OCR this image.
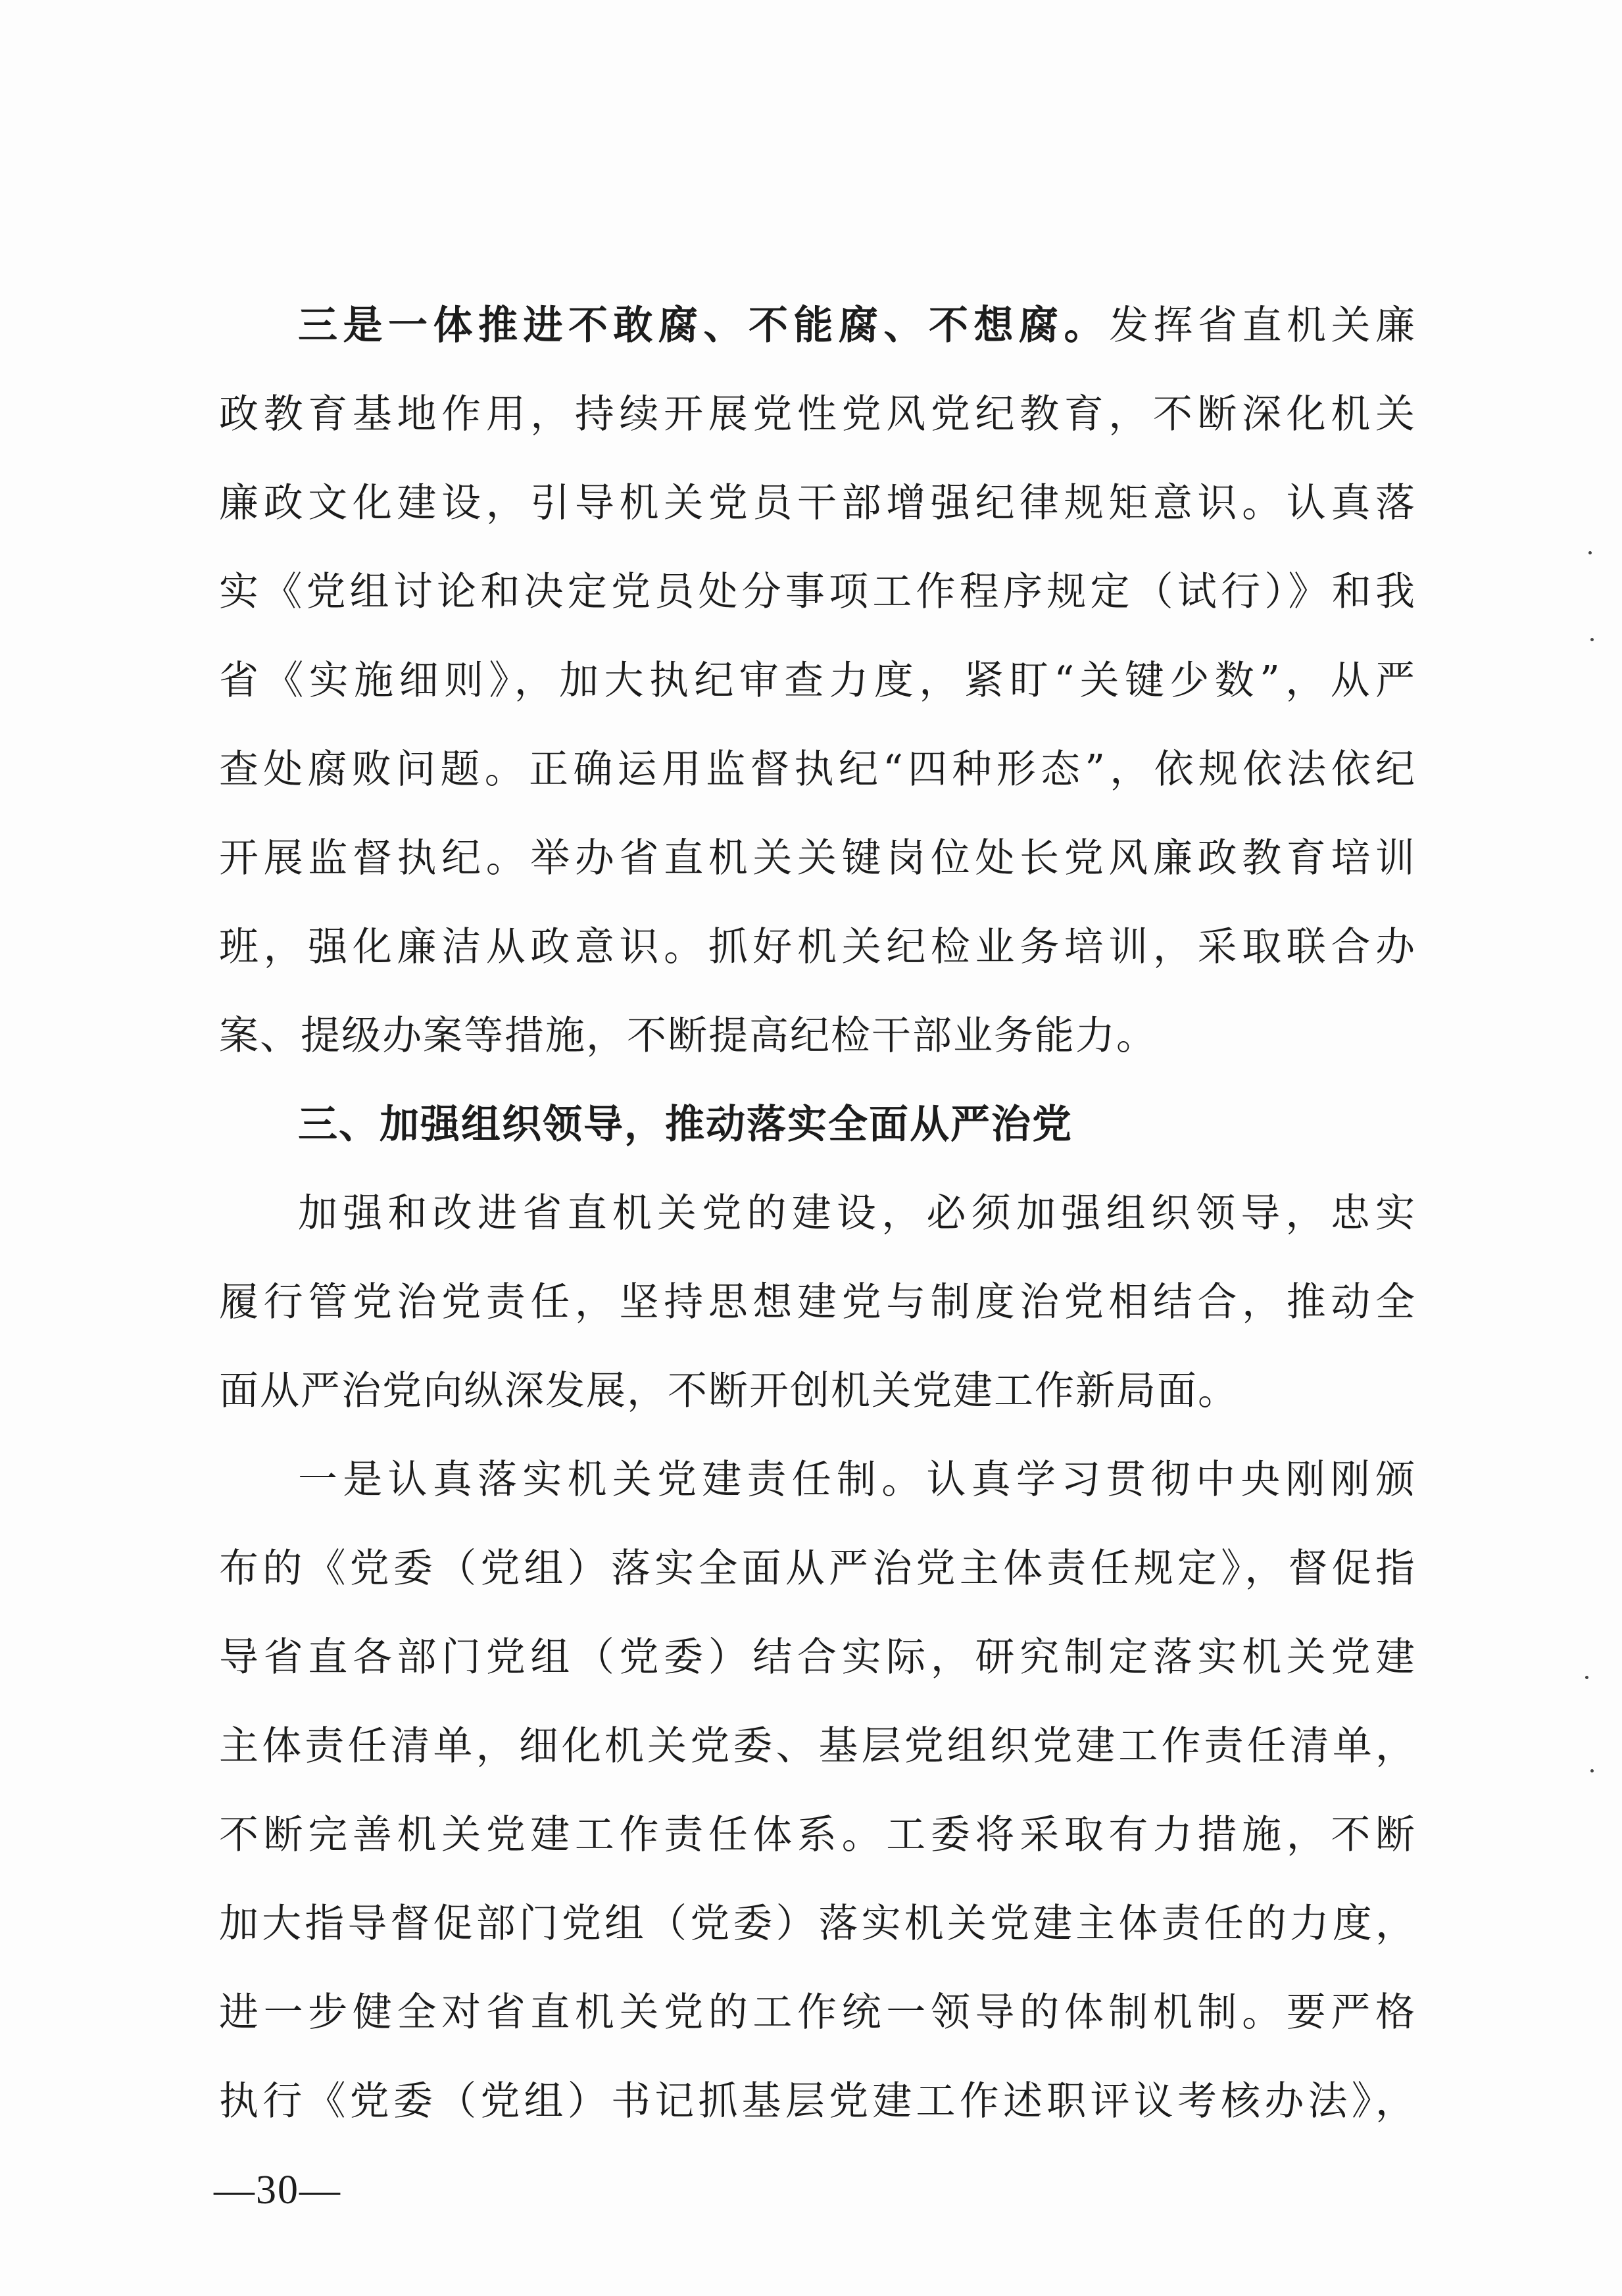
三是一体推进不敢腐、不能腐、不想腐。发挥省直机关廉
政教育基地作用，持续开展党性党风党纪教育，不断深化机关
廉政文化建设，引导机关党员干部增强纪律规矩意识。认真落
实《党组讨论和决定党员处分事项工作程序规定（试行）》和我
省《实施细则》，加大执纪审查力度，紧盯“关键少数”，从严
查处腐败问题。正确运用监督执纪“四种形态”，依规依法依纪
开展监督执纪。举办省直机关关键岗位处长党风廉政教育培训
班，强化廉洁从政意识。抓好机关纪检业务培训，采取联合办
案、提级办案等措施，不断提高纪检干部业务能力。
三、加强组织领导，推动落实全面从严治党
加强和改进省直机关党的建设，必须加强组织领导，忠实
履行管党治党责任，坚持思想建党与制度治党相结合，推动全
面从严治党向纵深发展，不断开创机关党建工作新局面。
一是认真落实机关党建责任制。认真学习贯彻中央刚刚颁
布的《党委（党组）落实全面从严治党主体责任规定》，督促指
导省直各部门党组（党委）结合实际，研究制定落实机关党建
主体责任清单，细化机关党委、基层党组织党建工作责任清单，
不断完善机关党建工作责任体系。工委将采取有力措施，不断
加大指导督促部门党组（党委）落实机关党建主体责任的力度，
进一步健全对省直机关党的工作统一领导的体制机制。要严格
执行《党委（党组）书记抓基层党建工作述职评议考核办法》，
—30—
